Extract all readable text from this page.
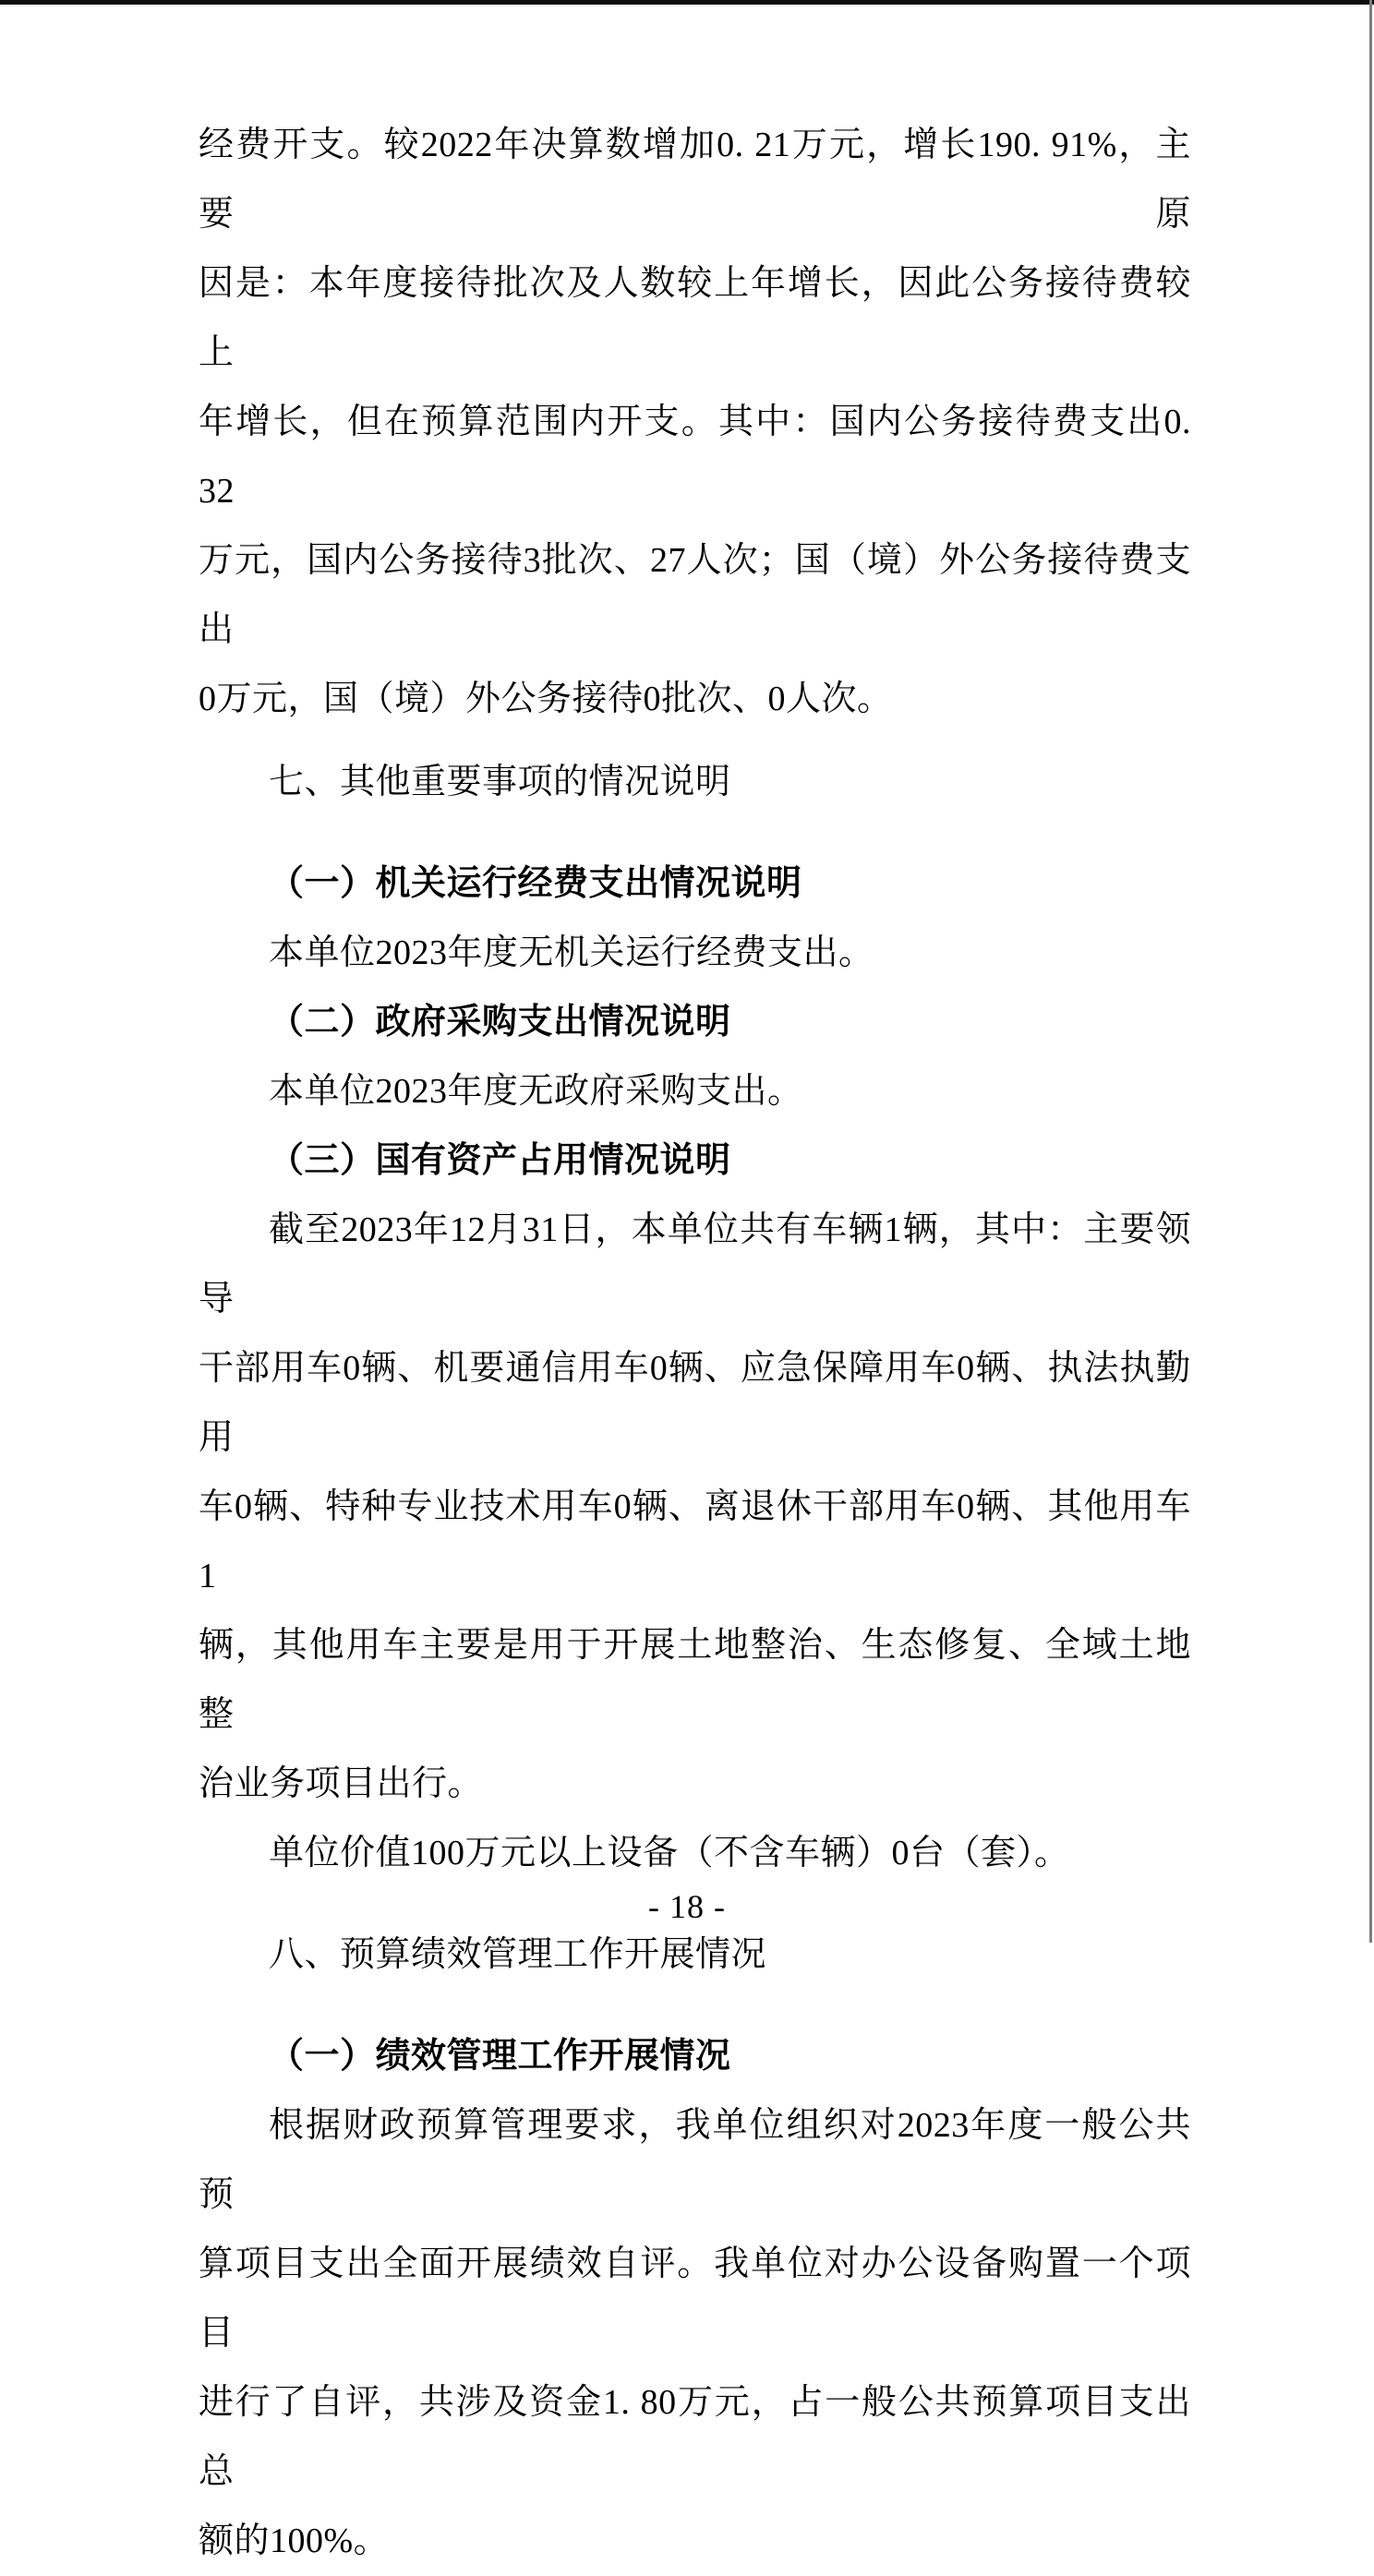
经费开支。较2022年决算数增加0. 21万元，增长190. 91%，主要原

因是：本年度接待批次及人数较上年增长，因此公务接待费较上

年增长，但在预算范围内开支。其中：国内公务接待费支出0. 32

万元，国内公务接待3批次、27人次；国（境）外公务接待费支出

0万元，国（境）外公务接待0批次、0人次。

七、其他重要事项的情况说明

（一）机关运行经费支出情况说明

本单位2023年度无机关运行经费支出。

（二）政府采购支出情况说明

本单位2023年度无政府采购支出。

（三）国有资产占用情况说明

截至2023年12月31日，本单位共有车辆1辆，其中：主要领导

干部用车0辆、机要通信用车0辆、应急保障用车0辆、执法执勤用

车0辆、特种专业技术用车0辆、离退休干部用车0辆、其他用车1

辆，其他用车主要是用于开展土地整治、生态修复、全域土地整

治业务项目出行。

单位价值100万元以上设备（不含车辆）0台（套）。

八、预算绩效管理工作开展情况

（一）绩效管理工作开展情况

根据财政预算管理要求，我单位组织对2023年度一般公共预

算项目支出全面开展绩效自评。我单位对办公设备购置一个项目

进行了自评，共涉及资金1. 80万元，占一般公共预算项目支出总

额的100%。

- 18 -
